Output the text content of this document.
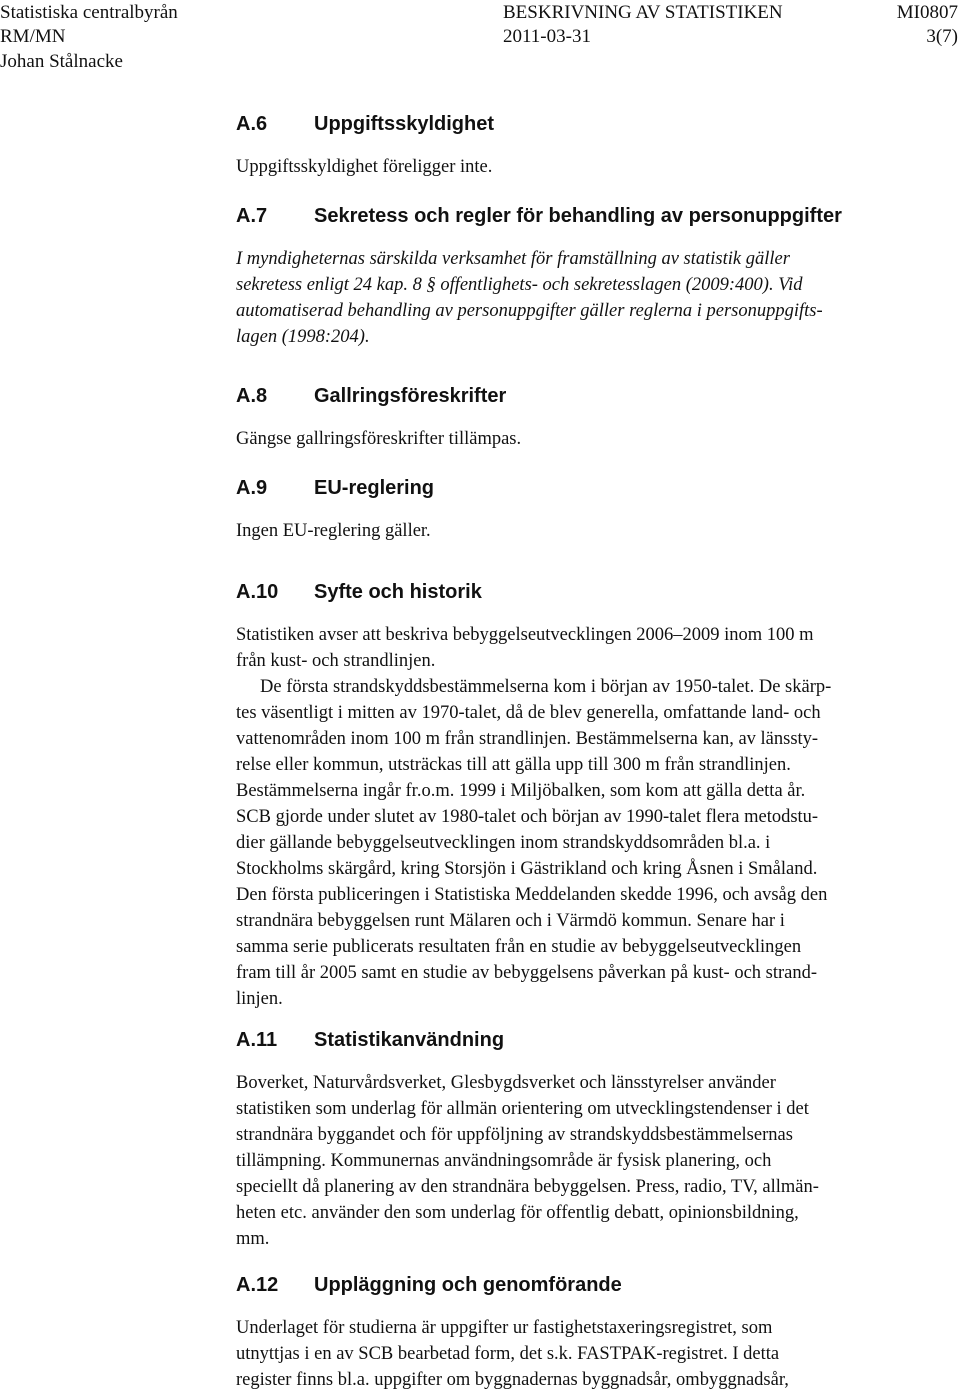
Statistiska centralbyrån
RM/MN
Johan Stålnacke
BESKRIVNING AV STATISTIKEN
2011-03-31
MI0807
3(7)
A.6 Uppgiftsskyldighet
Uppgiftsskyldighet föreligger inte.
A.7 Sekretess och regler för behandling av personuppgifter
I myndigheternas särskilda verksamhet för framställning av statistik gäller
sekretess enligt 24 kap. 8 § offentlighets- och sekretesslagen (2009:400). Vid
automatiserad behandling av personuppgifter gäller reglerna i personuppgifts-
lagen (1998:204).
A.8 Gallringsföreskrifter
Gängse gallringsföreskrifter tillämpas.
A.9 EU-reglering
Ingen EU-reglering gäller.
A.10 Syfte och historik
Statistiken avser att beskriva bebyggelseutvecklingen 2006–2009 inom 100 m
från kust- och strandlinjen.
De första strandskyddsbestämmelserna kom i början av 1950-talet. De skärp-
tes väsentligt i mitten av 1970-talet, då de blev generella, omfattande land- och
vattenområden inom 100 m från strandlinjen. Bestämmelserna kan, av länssty-
relse eller kommun, utsträckas till att gälla upp till 300 m från strandlinjen.
Bestämmelserna ingår fr.o.m. 1999 i Miljöbalken, som kom att gälla detta år.
SCB gjorde under slutet av 1980-talet och början av 1990-talet flera metodstu-
dier gällande bebyggelseutvecklingen inom strandskyddsområden bl.a. i
Stockholms skärgård, kring Storsjön i Gästrikland och kring Åsnen i Småland.
Den första publiceringen i Statistiska Meddelanden skedde 1996, och avsåg den
strandnära bebyggelsen runt Mälaren och i Värmdö kommun. Senare har i
samma serie publicerats resultaten från en studie av bebyggelseutvecklingen
fram till år 2005 samt en studie av bebyggelsens påverkan på kust- och strand-
linjen.
A.11 Statistikanvändning
Boverket, Naturvårdsverket, Glesbygdsverket och länsstyrelser använder
statistiken som underlag för allmän orientering om utvecklingstendenser i det
strandnära byggandet och för uppföljning av strandskyddsbestämmelsernas
tillämpning. Kommunernas användningsområde är fysisk planering, och
speciellt då planering av den strandnära bebyggelsen. Press, radio, TV, allmän-
heten etc. använder den som underlag för offentlig debatt, opinionsbildning,
mm.
A.12 Uppläggning och genomförande
Underlaget för studierna är uppgifter ur fastighetstaxeringsregistret, som
utnyttjas i en av SCB bearbetad form, det s.k. FASTPAK-registret. I detta
register finns bl.a. uppgifter om byggnadernas byggnadsår, ombyggnadsår,
